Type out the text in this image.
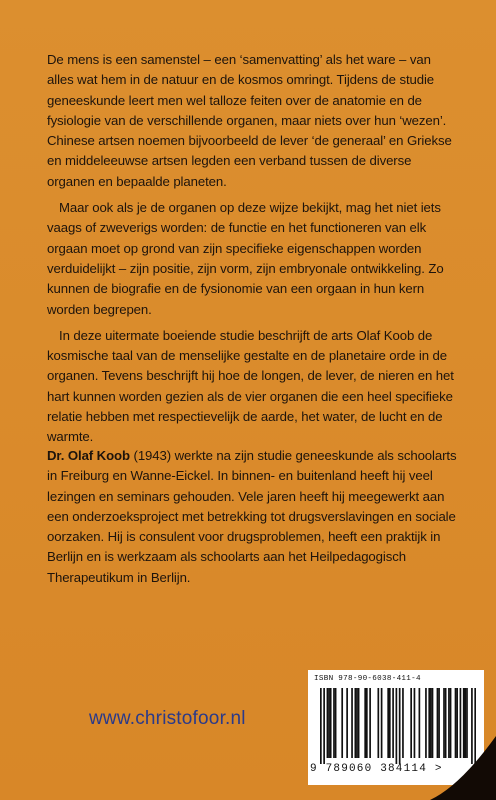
De mens is een samenstel – een ‘samenvatting’ als het ware – van alles wat hem in de natuur en de kosmos omringt. Tijdens de studie geneeskunde leert men wel talloze feiten over de anatomie en de fysiologie van de verschillende organen, maar niets over hun ‘wezen’. Chinese artsen noemen bijvoorbeeld de lever ‘de generaal’ en Griekse en middeleeuwse artsen legden een verband tussen de diverse organen en bepaalde planeten.

Maar ook als je de organen op deze wijze bekijkt, mag het niet iets vaags of zweverigs worden: de functie en het functioneren van elk orgaan moet op grond van zijn specifieke eigenschappen worden verduidelijkt – zijn positie, zijn vorm, zijn embryonale ontwikkeling. Zo kunnen de biografie en de fysionomie van een orgaan in hun kern worden begrepen.

In deze uitermate boeiende studie beschrijft de arts Olaf Koob de kosmische taal van de menselijke gestalte en de planetaire orde in de organen. Tevens beschrijft hij hoe de longen, de lever, de nieren en het hart kunnen worden gezien als de vier organen die een heel specifieke relatie hebben met respectievelijk de aarde, het water, de lucht en de warmte.

Dr. Olaf Koob (1943) werkte na zijn studie geneeskunde als schoolarts in Freiburg en Wanne-Eickel. In binnen- en buitenland heeft hij veel lezingen en seminars gehouden. Vele jaren heeft hij meegewerkt aan een onderzoeksproject met betrekking tot drugsverslavingen en sociale oorzaken. Hij is consulent voor drugsproblemen, heeft een praktijk in Berlijn en is werkzaam als schoolarts aan het Heilpedagogisch Therapeutikum in Berlijn.
www.christofoor.nl
ISBN 978-90-6038-411-4
9 789060 384114 >
